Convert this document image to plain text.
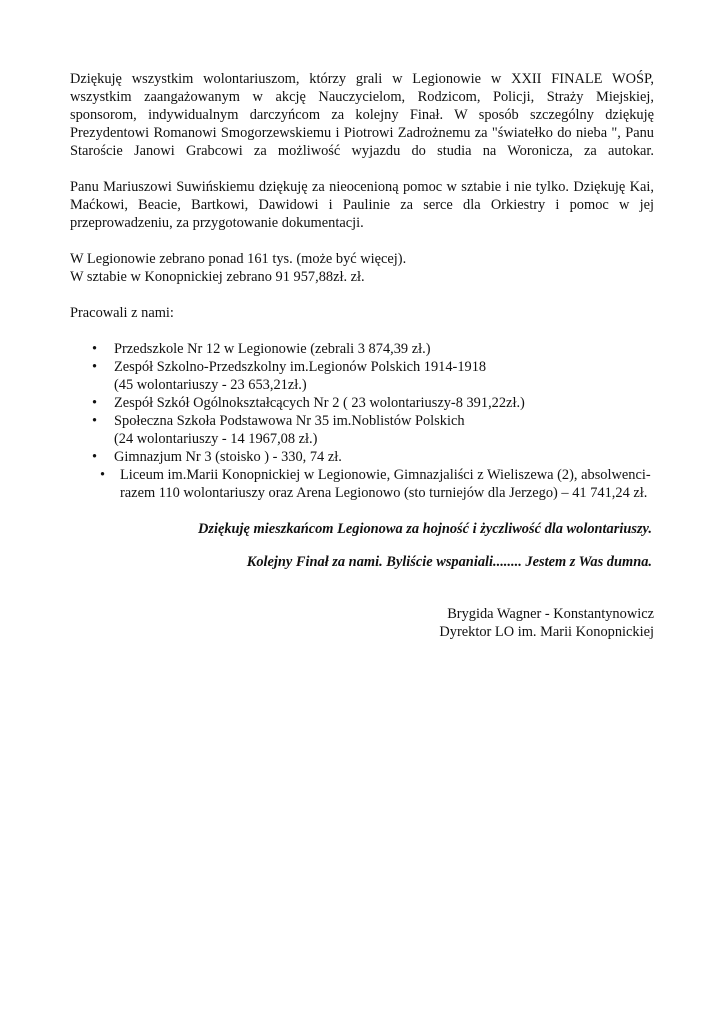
Dziękuję wszystkim wolontariuszom, którzy grali w Legionowie w XXII FINALE WOŚP,
wszystkim zaangażowanym w akcję Nauczycielom, Rodzicom, Policji, Straży Miejskiej,
sponsorom, indywidualnym darczyńcom za kolejny Finał. W sposób szczególny dziękuję
Prezydentowi Romanowi Smogorzewskiemu i Piotrowi Zadrożnemu za "światełko do nieba ", Panu
Staroście Janowi Grabcowi za możliwość wyjazdu do studia na Woronicza, za autokar.

Panu Mariuszowi Suwińskiemu dziękuję za nieocenioną pomoc w sztabie i nie tylko. Dziękuję Kai,
Maćkowi, Beacie, Bartkowi, Dawidowi i Paulinie za serce dla Orkiestry i pomoc w jej
przeprowadzeniu, za przygotowanie dokumentacji.

W Legionowie zebrano ponad 161 tys. (może być więcej).
W sztabie w Konopnickiej zebrano 91 957,88zł. zł.

Pracowali z nami:

• Przedszkole Nr 12 w Legionowie (zebrali 3 874,39 zł.)
• Zespół Szkolno-Przedszkolny im.Legionów Polskich 1914-1918
(45 wolontariuszy - 23 653,21zł.)
• Zespół Szkół Ogólnokształcących Nr 2 ( 23 wolontariuszy-8 391,22zł.)
• Społeczna Szkoła Podstawowa Nr 35 im.Noblistów Polskich
(24 wolontariuszy - 14 1967,08 zł.)
• Gimnazjum Nr 3 (stoisko ) - 330, 74 zł.
• Liceum im.Marii Konopnickiej w Legionowie, Gimnazjaliści z Wieliszewa (2), absolwenci-
razem 110 wolontariuszy oraz Arena Legionowo (sto turniejów dla Jerzego) – 41 741,24 zł.

Dziękuję mieszkańcom Legionowa za hojność i życzliwość dla wolontariuszy.

Kolejny Finał za nami. Byliście wspaniali........ Jestem z Was dumna.

Brygida Wagner - Konstantynowicz
Dyrektor LO im. Marii Konopnickiej
